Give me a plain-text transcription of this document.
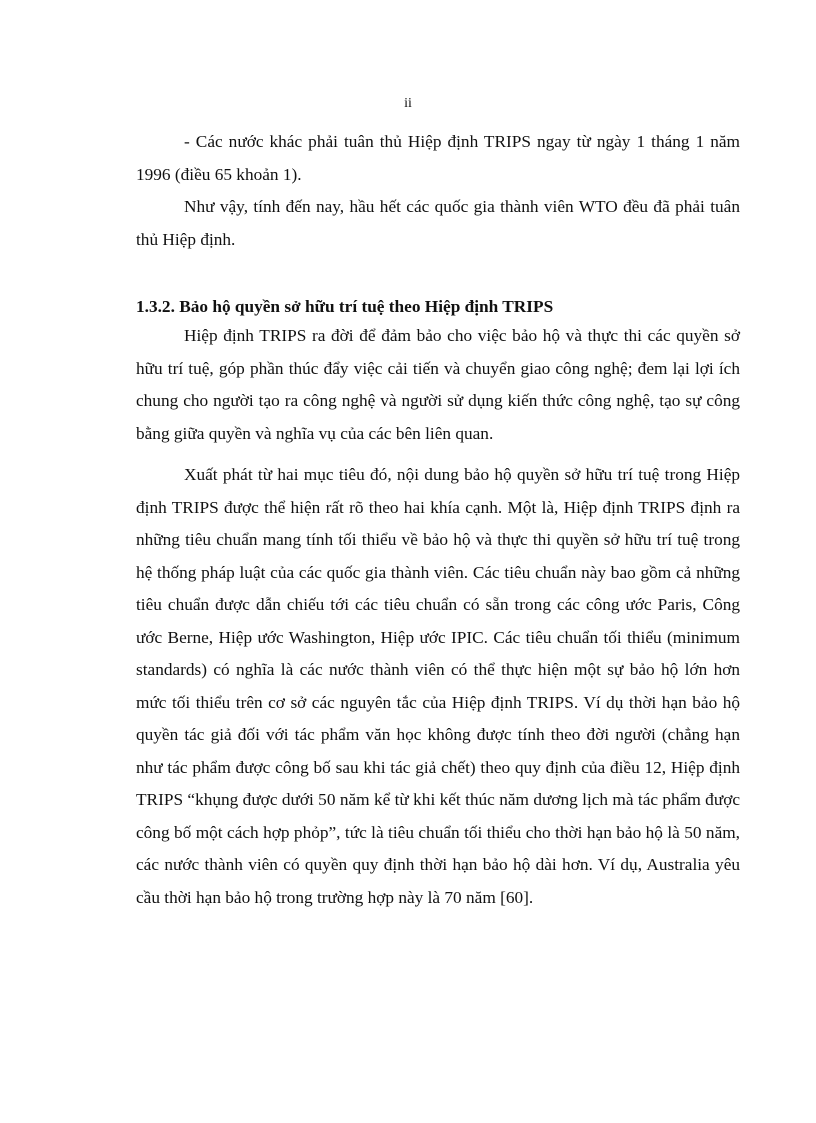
ii

- Các nước khác phải tuân thủ Hiệp định TRIPS ngay từ ngày 1 tháng 1 năm 1996 (điều 65 khoản 1).

Như vậy, tính đến nay, hầu hết các quốc gia thành viên WTO đều đã phải tuân thủ Hiệp định.

1.3.2. Bảo hộ quyền sở hữu trí tuệ theo Hiệp định TRIPS

Hiệp định TRIPS ra đời để đảm bảo cho việc bảo hộ và thực thi các quyền sở hữu trí tuệ, góp phần thúc đẩy việc cải tiến và chuyển giao công nghệ; đem lại lợi ích chung cho người tạo ra công nghệ và người sử dụng kiến thức công nghệ, tạo sự công bằng giữa quyền và nghĩa vụ của các bên liên quan.

Xuất phát từ hai mục tiêu đó, nội dung bảo hộ quyền sở hữu trí tuệ trong Hiệp định TRIPS được thể hiện rất rõ theo hai khía cạnh. Một là, Hiệp định TRIPS định ra những tiêu chuẩn mang tính tối thiểu về bảo hộ và thực thi quyền sở hữu trí tuệ trong hệ thống pháp luật của các quốc gia thành viên. Các tiêu chuẩn này bao gồm cả những tiêu chuẩn được dẫn chiếu tới các tiêu chuẩn có sẵn trong các công ước Paris, Công ước Berne, Hiệp ước Washington, Hiệp ước IPIC. Các tiêu chuẩn tối thiểu (minimum standards) có nghĩa là các nước thành viên có thể thực hiện một sự bảo hộ lớn hơn mức tối thiểu trên cơ sở các nguyên tắc của Hiệp định TRIPS. Ví dụ thời hạn bảo hộ quyền tác giả đối với tác phẩm văn học không được tính theo đời người (chẳng hạn như tác phẩm được công bố sau khi tác giả chết) theo quy định của điều 12, Hiệp định TRIPS “khụng được dưới 50 năm kể từ khi kết thúc năm dương lịch mà tác phẩm được công bố một cách hợp phỏp”, tức là tiêu chuẩn tối thiểu cho thời hạn bảo hộ là 50 năm, các nước thành viên có quyền quy định thời hạn bảo hộ dài hơn. Ví dụ, Australia yêu cầu thời hạn bảo hộ trong trường hợp này là 70 năm [60].
